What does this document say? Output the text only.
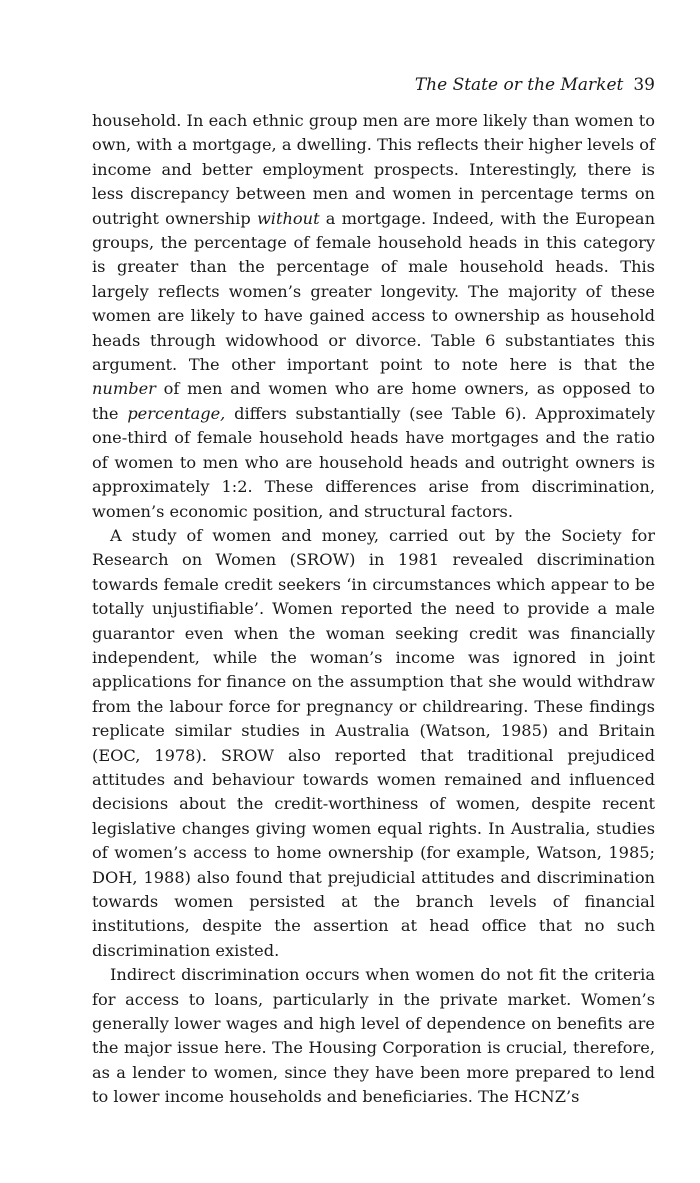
The State or the Market 39

household. In each ethnic group men are more likely than women to own, with a mortgage, a dwelling. This reflects their higher levels of income and better employment prospects. Interestingly, there is less discrepancy between men and women in percentage terms on outright ownership without a mortgage. Indeed, with the European groups, the percentage of female household heads in this category is greater than the percentage of male household heads. This largely reflects women’s greater longevity. The majority of these women are likely to have gained access to ownership as household heads through widowhood or divorce. Table 6 substantiates this argument. The other important point to note here is that the number of men and women who are home owners, as opposed to the percentage, differs substantially (see Table 6). Approximately one-third of female household heads have mortgages and the ratio of women to men who are household heads and outright owners is approximately 1:2. These differences arise from discrimination, women’s economic position, and structural factors.

A study of women and money, carried out by the Society for Research on Women (SROW) in 1981 revealed discrimination towards female credit seekers ‘in circumstances which appear to be totally unjustifiable’. Women reported the need to provide a male guarantor even when the woman seeking credit was financially independent, while the woman’s income was ignored in joint applications for finance on the assumption that she would withdraw from the labour force for pregnancy or childrearing. These findings replicate similar studies in Australia (Watson, 1985) and Britain (EOC, 1978). SROW also reported that traditional prejudiced attitudes and behaviour towards women remained and influenced decisions about the credit-worthiness of women, despite recent legislative changes giving women equal rights. In Australia, studies of women’s access to home ownership (for example, Watson, 1985; DOH, 1988) also found that prejudicial attitudes and discrimination towards women persisted at the branch levels of financial institutions, despite the assertion at head office that no such discrimination existed.

Indirect discrimination occurs when women do not fit the criteria for access to loans, particularly in the private market. Women’s generally lower wages and high level of dependence on benefits are the major issue here. The Housing Corporation is crucial, therefore, as a lender to women, since they have been more prepared to lend to lower income households and beneficiaries. The HCNZ’s
